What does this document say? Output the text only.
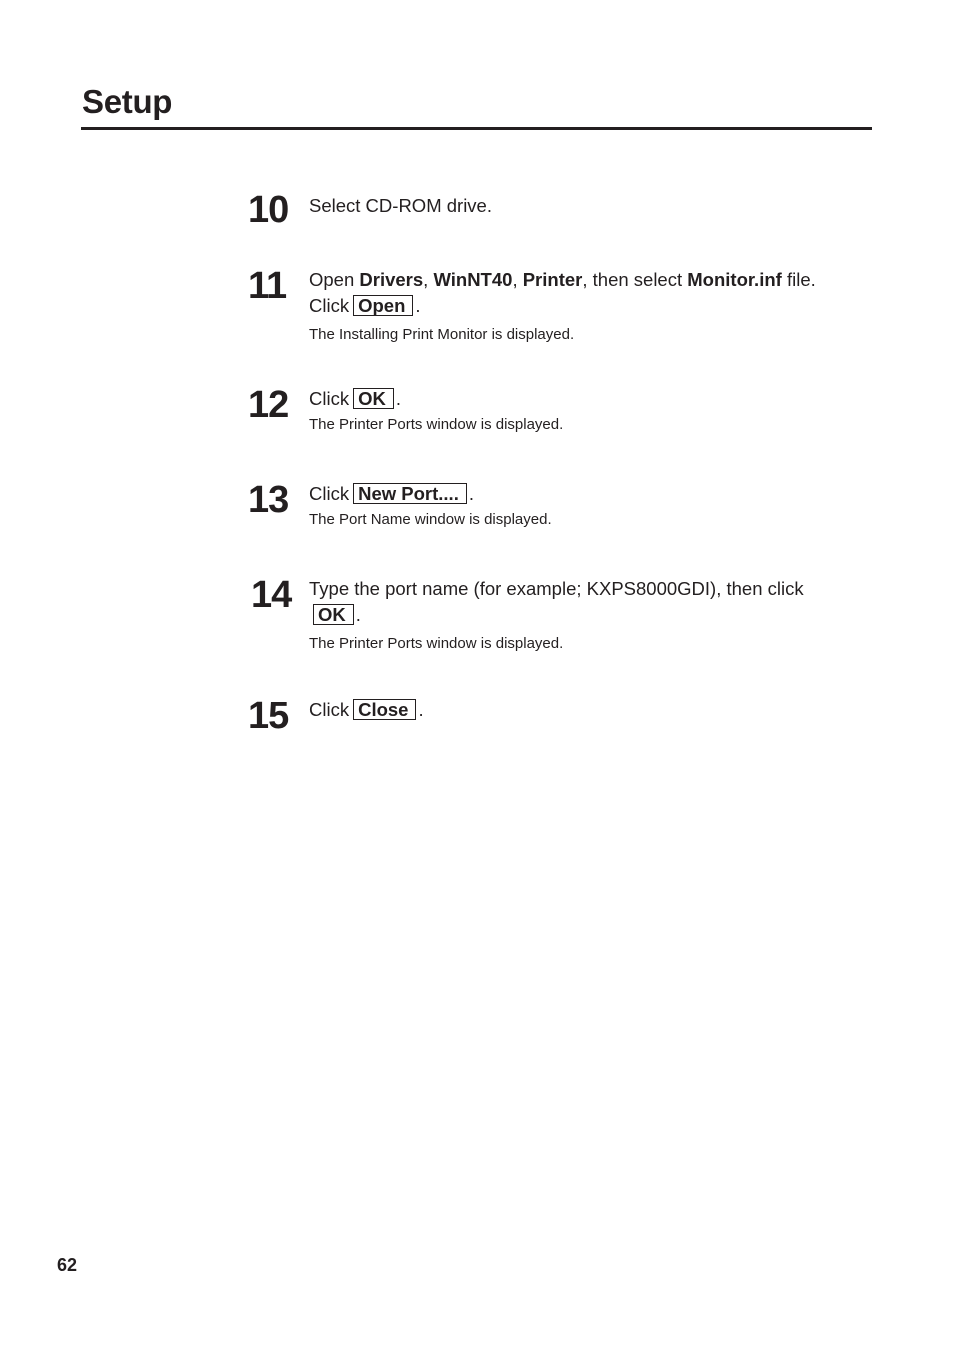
Setup
10 Select CD-ROM drive.
11 Open Drivers, WinNT40, Printer, then select Monitor.inf file.
Click Open .
The Installing Print Monitor is displayed.
12 Click OK .
The Printer Ports window is displayed.
13 Click New Port.... .
The Port Name window is displayed.
14 Type the port name (for example; KXPS8000GDI), then click
OK .
The Printer Ports window is displayed.
15 Click Close .
62
